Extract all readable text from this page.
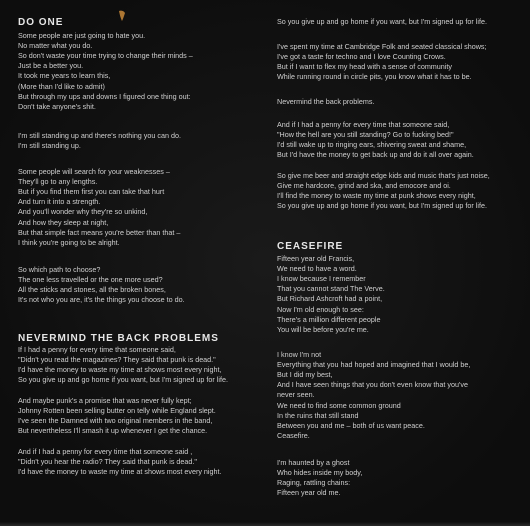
DO ONE
Some people are just going to hate you.
No matter what you do.
So don't waste your time trying to change their minds –
Just be a better you.
It took me years to learn this,
(More than I'd like to admit)
But through my ups and downs I figured one thing out:
Don't take anyone's shit.
I'm still standing up and there's nothing you can do.
I'm still standing up.
Some people will search for your weaknesses –
They'll go to any lengths.
But if you find them first you can take that hurt
And turn it into a strength.
And you'll wonder why they're so unkind,
And how they sleep at night,
But that simple fact means you're better than that –
I think you're going to be alright.
So which path to choose?
The one less travelled or the one more used?
All the sticks and stones, all the broken bones,
It's not who you are, it's the things you choose to do.
NEVERMIND THE BACK PROBLEMS
If I had a penny for every time that someone said,
"Didn't you read the magazines? They said that punk is dead."
I'd have the money to waste my time at shows most every night,
So you give up and go home if you want, but I'm signed up for life.
And maybe punk's a promise that was never fully kept;
Johnny Rotten been selling butter on telly while England slept.
I've seen the Damned with two original members in the band,
But nevertheless I'll smash it up whenever I get the chance.
And if I had a penny for every time that someone said ,
"Didn't you hear the radio? They said that punk is dead."
I'd have the money to waste my time at shows most every night.
So you give up and go home if you want, but I'm signed up for life.
I've spent my time at Cambridge Folk and seated classical shows;
I've got a taste for techno and I love Counting Crows.
But if I want to flex my head with a sense of community
While running round in circle pits, you know what it has to be.
Nevermind the back problems.
And if I had a penny for every time that someone said,
"How the hell are you still standing? Go to fucking bed!"
I'd still wake up to ringing ears, shivering sweat and shame,
But I'd have the money to get back up and do it all over again.
So give me beer and straight edge kids and music that's just noise,
Give me hardcore, grind and ska, and emocore and oi.
I'll find the money to waste my time at punk shows every night,
So you give up and go home if you want, but I'm signed up for life.
CEASEFIRE
Fifteen year old Francis,
We need to have a word.
I know because I remember
That you cannot stand The Verve.
But Richard Ashcroft had a point,
Now I'm old enough to see:
There's a million different people
You will be before you're me.
I know I'm not
Everything that you had hoped and imagined that I would be,
But I did my best,
And I have seen things that you don't even know that you've
never seen.
We need to find some common ground
In the ruins that still stand
Between you and me – both of us want peace.
Ceasefire.
I'm haunted by a ghost
Who hides inside my body,
Raging, rattling chains:
Fifteen year old me.
